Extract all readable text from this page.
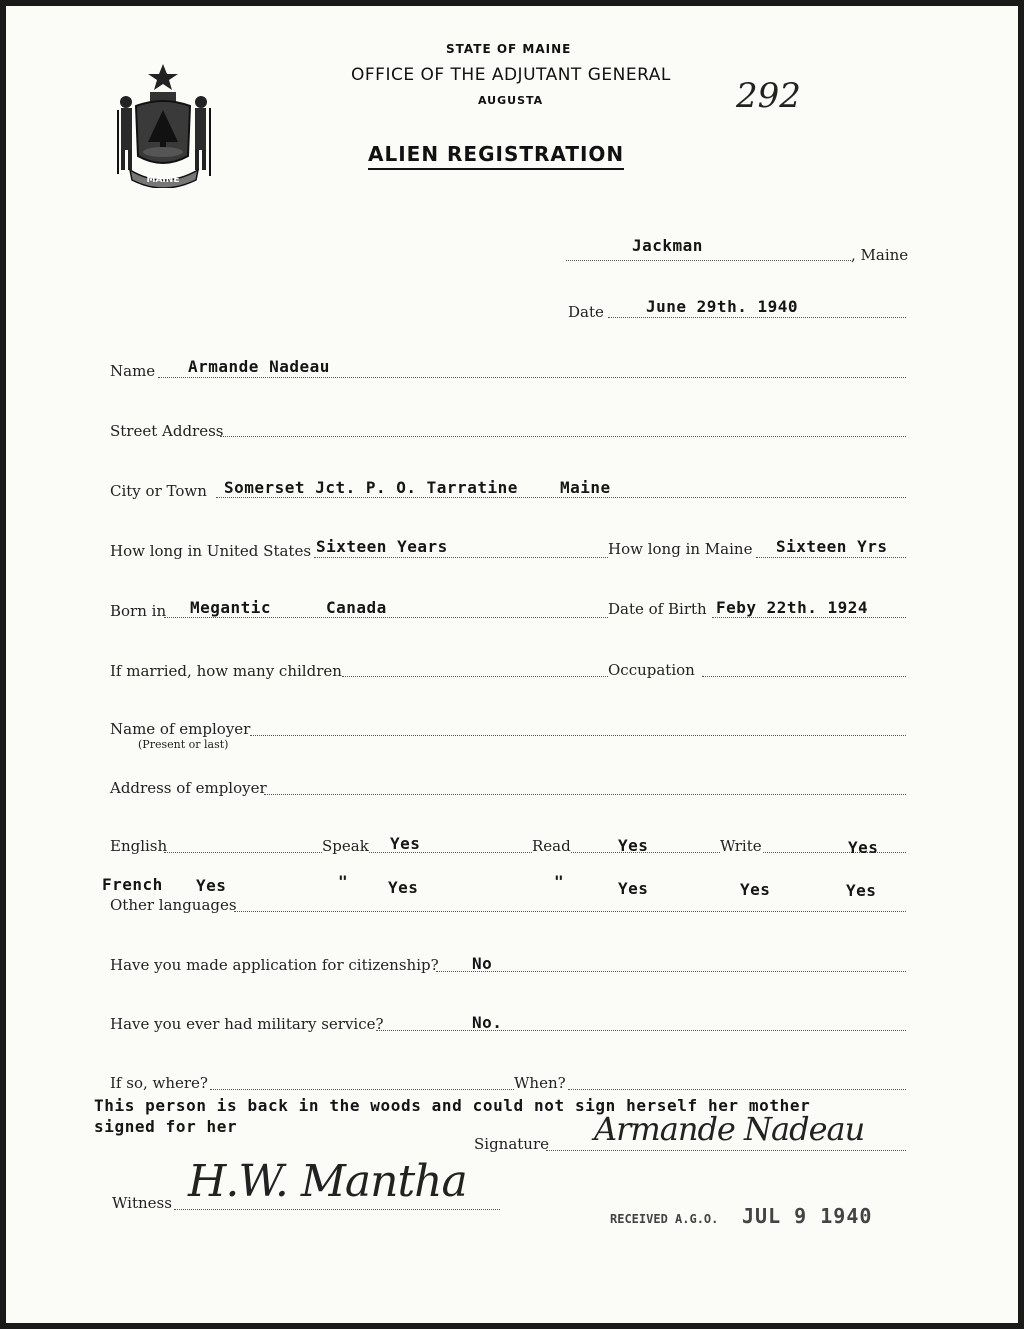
MAINE
STATE OF MAINE
OFFICE OF THE ADJUTANT GENERAL
AUGUSTA
ALIEN REGISTRATION
292
Jackman	, Maine
Date	June 29th. 1940
Name Armande Nadeau
Street Address
City or Town Somerset Jct. P. O. Tarratine	Maine
How long in United States Sixteen Years	How long in Maine Sixteen Yrs
Born in Megantic	Canada	Date of Birth Feby 22th. 1924
If married, how many children	Occupation
Name of employer
(Present or last)
Address of employer
English	Speak Yes	Read	Yes	Write	Yes
French Yes	" Yes	"	Yes	Yes	Yes
Other languages
Have you made application for citizenship? No
Have you ever had military service?	No.
If so, where?	When?
This person is back in the woods and could not sign herself her mother
signed for her
Signature Armande Nadeau
Witness H.W. Mantha
RECEIVED A.G.O. JUL 9 1940
